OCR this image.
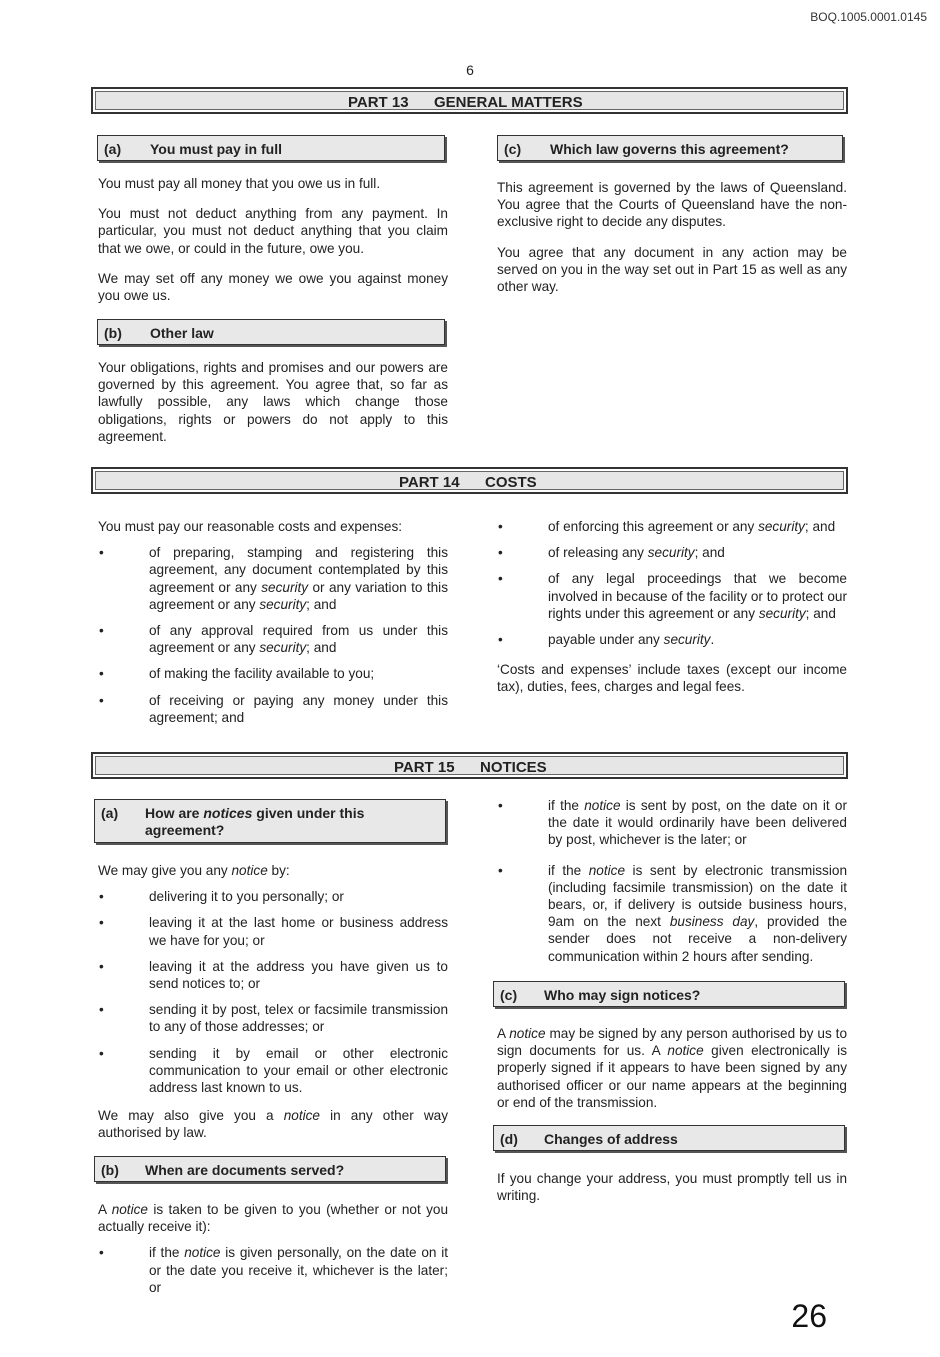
BOQ.1005.0001.0145
6
PART 13 GENERAL MATTERS
(a) You must pay in full

You must pay all money that you owe us in full.

You must not deduct anything from any payment. In particular, you must not deduct anything that you claim that we owe, or could in the future, owe you.

We may set off any money we owe you against money you owe us.

(b) Other law

Your obligations, rights and promises and our powers are governed by this agreement. You agree that, so far as lawfully possible, any laws which change those obligations, rights or powers do not apply to this agreement.

(c) Which law governs this agreement?

This agreement is governed by the laws of Queensland. You agree that the Courts of Queensland have the non-exclusive right to decide any disputes.

You agree that any document in any action may be served on you in the way set out in Part 15 as well as any other way.

PART 14 COSTS

You must pay our reasonable costs and expenses:

•	of preparing, stamping and registering this agreement, any document contemplated by this agreement or any security or any variation to this agreement or any security; and
•	of any approval required from us under this agreement or any security; and
•	of making the facility available to you;
•	of receiving or paying any money under this agreement; and
•	of enforcing this agreement or any security; and
•	of releasing any security; and
•	of any legal proceedings that we become involved in because of the facility or to protect our rights under this agreement or any security; and
•	payable under any security.

‘Costs and expenses’ include taxes (except our income tax), duties, fees, charges and legal fees.

PART 15 NOTICES
(a) How are notices given under this agreement?

We may give you any notice by:

•	delivering it to you personally; or
•	leaving it at the last home or business address we have for you; or
•	leaving it at the address you have given us to send notices to; or
•	sending it by post, telex or facsimile transmission to any of those addresses; or
•	sending it by email or other electronic communication to your email or other electronic address last known to us.

We may also give you a notice in any other way authorised by law.

(b) When are documents served?

A notice is taken to be given to you (whether or not you actually receive it):

•	if the notice is given personally, on the date on it or the date you receive it, whichever is the later; or
•	if the notice is sent by post, on the date on it or the date it would ordinarily have been delivered by post, whichever is the later; or
•	if the notice is sent by electronic transmission (including facsimile transmission) on the date it bears, or, if delivery is outside business hours, 9am on the next business day, provided the sender does not receive a non-delivery communication within 2 hours after sending.
(c) Who may sign notices?

A notice may be signed by any person authorised by us to sign documents for us. A notice given electronically is properly signed if it appears to have been signed by any authorised officer or our name appears at the beginning or end of the transmission.

(d) Changes of address

If you change your address, you must promptly tell us in writing.

26
